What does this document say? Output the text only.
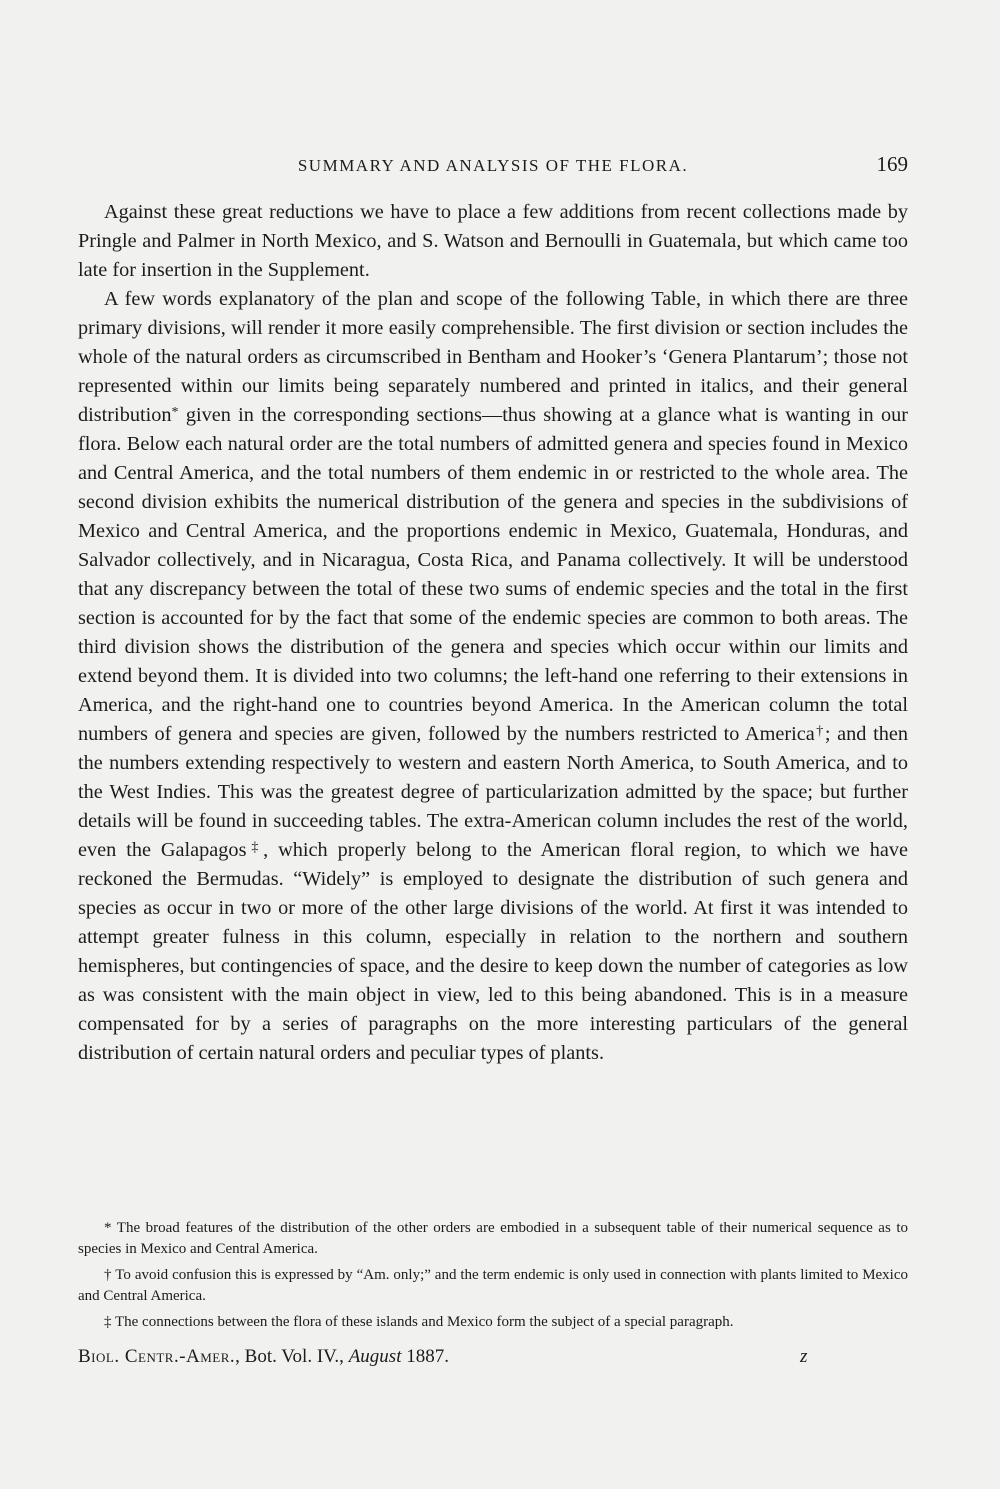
SUMMARY AND ANALYSIS OF THE FLORA.	169

Against these great reductions we have to place a few additions from recent collections made by Pringle and Palmer in North Mexico, and S. Watson and Bernoulli in Guatemala, but which came too late for insertion in the Supplement.

A few words explanatory of the plan and scope of the following Table, in which there are three primary divisions, will render it more easily comprehensible. The first division or section includes the whole of the natural orders as circumscribed in Bentham and Hooker’s ‘Genera Plantarum’; those not represented within our limits being separately numbered and printed in italics, and their general distribution* given in the corresponding sections—thus showing at a glance what is wanting in our flora. Below each natural order are the total numbers of admitted genera and species found in Mexico and Central America, and the total numbers of them endemic in or restricted to the whole area. The second division exhibits the numerical distribution of the genera and species in the subdivisions of Mexico and Central America, and the proportions endemic in Mexico, Guatemala, Honduras, and Salvador collectively, and in Nicaragua, Costa Rica, and Panama collectively. It will be understood that any discrepancy between the total of these two sums of endemic species and the total in the first section is accounted for by the fact that some of the endemic species are common to both areas. The third division shows the distribution of the genera and species which occur within our limits and extend beyond them. It is divided into two columns; the left-hand one referring to their extensions in America, and the right-hand one to countries beyond America. In the American column the total numbers of genera and species are given, followed by the numbers restricted to America†; and then the numbers extending respectively to western and eastern North America, to South America, and to the West Indies. This was the greatest degree of particularization admitted by the space; but further details will be found in succeeding tables. The extra-American column includes the rest of the world, even the Galapagos‡, which properly belong to the American floral region, to which we have reckoned the Bermudas. “Widely” is employed to designate the distribution of such genera and species as occur in two or more of the other large divisions of the world. At first it was intended to attempt greater fulness in this column, especially in relation to the northern and southern hemispheres, but contingencies of space, and the desire to keep down the number of categories as low as was consistent with the main object in view, led to this being abandoned. This is in a measure compensated for by a series of paragraphs on the more interesting particulars of the general distribution of certain natural orders and peculiar types of plants.

* The broad features of the distribution of the other orders are embodied in a subsequent table of their numerical sequence as to species in Mexico and Central America.

† To avoid confusion this is expressed by “Am. only;” and the term endemic is only used in connection with plants limited to Mexico and Central America.

‡ The connections between the flora of these islands and Mexico form the subject of a special paragraph.

Biol. Centr.-Amer., Bot. Vol. IV., August 1887.	z
